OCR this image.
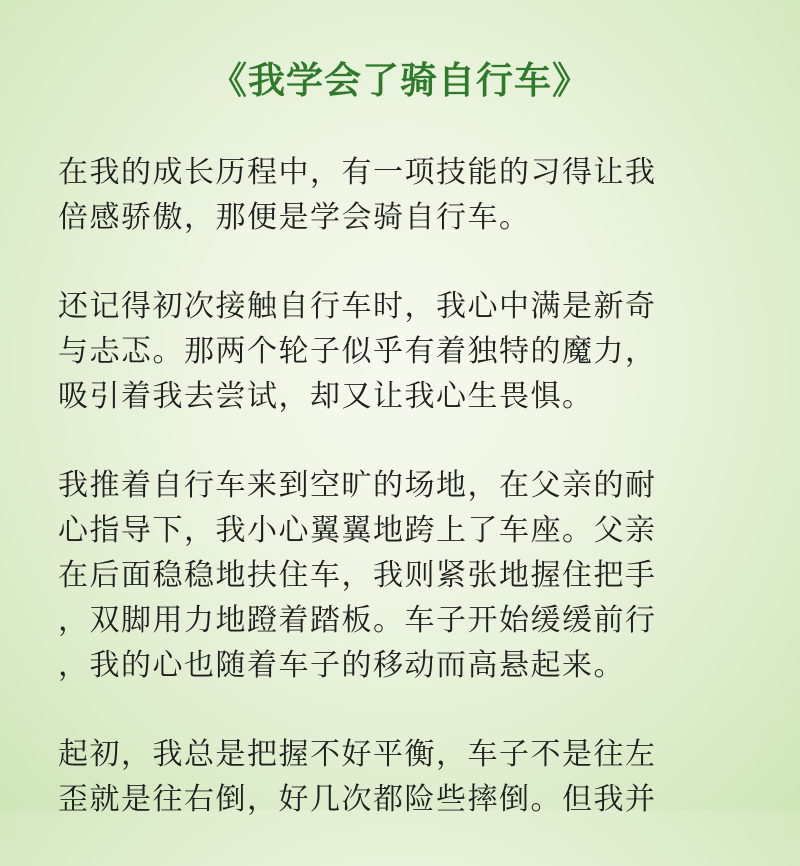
《我学会了骑自行车》
在我的成长历程中，有一项技能的习得让我
倍感骄傲，那便是学会骑自行车。
还记得初次接触自行车时，我心中满是新奇
与忐忑。那两个轮子似乎有着独特的魔力，
吸引着我去尝试，却又让我心生畏惧。
我推着自行车来到空旷的场地，在父亲的耐
心指导下，我小心翼翼地跨上了车座。父亲
在后面稳稳地扶住车，我则紧张地握住把手
，双脚用力地蹬着踏板。车子开始缓缓前行
，我的心也随着车子的移动而高悬起来。
起初，我总是把握不好平衡，车子不是往左
歪就是往右倒，好几次都险些摔倒。但我并
